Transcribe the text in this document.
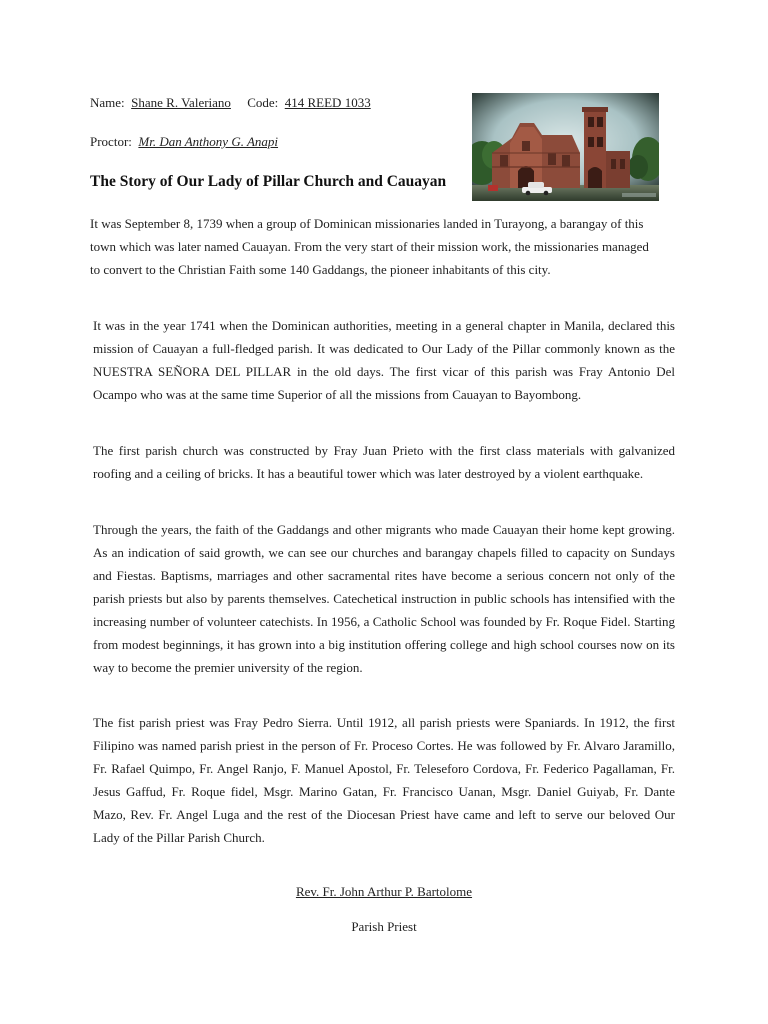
Name: Shane R. Valeriano Code: 414 REED 1033
Proctor: Mr. Dan Anthony G. Anapi
The Story of Our Lady of Pillar Church and Cauayan

It was September 8, 1739 when a group of Dominican missionaries landed in Turayong, a barangay of this town which was later named Cauayan. From the very start of their mission work, the missionaries managed to convert to the Christian Faith some 140 Gaddangs, the pioneer inhabitants of this city.

It was in the year 1741 when the Dominican authorities, meeting in a general chapter in Manila, declared this mission of Cauayan a full-fledged parish. It was dedicated to Our Lady of the Pillar commonly known as the NUESTRA SEÑORA DEL PILLAR in the old days. The first vicar of this parish was Fray Antonio Del Ocampo who was at the same time Superior of all the missions from Cauayan to Bayombong.

The first parish church was constructed by Fray Juan Prieto with the first class materials with galvanized roofing and a ceiling of bricks. It has a beautiful tower which was later destroyed by a violent earthquake.

Through the years, the faith of the Gaddangs and other migrants who made Cauayan their home kept growing. As an indication of said growth, we can see our churches and barangay chapels filled to capacity on Sundays and Fiestas. Baptisms, marriages and other sacramental rites have become a serious concern not only of the parish priests but also by parents themselves. Catechetical instruction in public schools has intensified with the increasing number of volunteer catechists. In 1956, a Catholic School was founded by Fr. Roque Fidel. Starting from modest beginnings, it has grown into a big institution offering college and high school courses now on its way to become the premier university of the region.

The fist parish priest was Fray Pedro Sierra. Until 1912, all parish priests were Spaniards. In 1912, the first Filipino was named parish priest in the person of Fr. Proceso Cortes. He was followed by Fr. Alvaro Jaramillo, Fr. Rafael Quimpo, Fr. Angel Ranjo, F. Manuel Apostol, Fr. Teleseforo Cordova, Fr. Federico Pagallaman, Fr. Jesus Gaffud, Fr. Roque fidel, Msgr. Marino Gatan, Fr. Francisco Uanan, Msgr. Daniel Guiyab, Fr. Dante Mazo, Rev. Fr. Angel Luga and the rest of the Diocesan Priest have came and left to serve our beloved Our Lady of the Pillar Parish Church.

Rev. Fr. John Arthur P. Bartolome
Parish Priest
